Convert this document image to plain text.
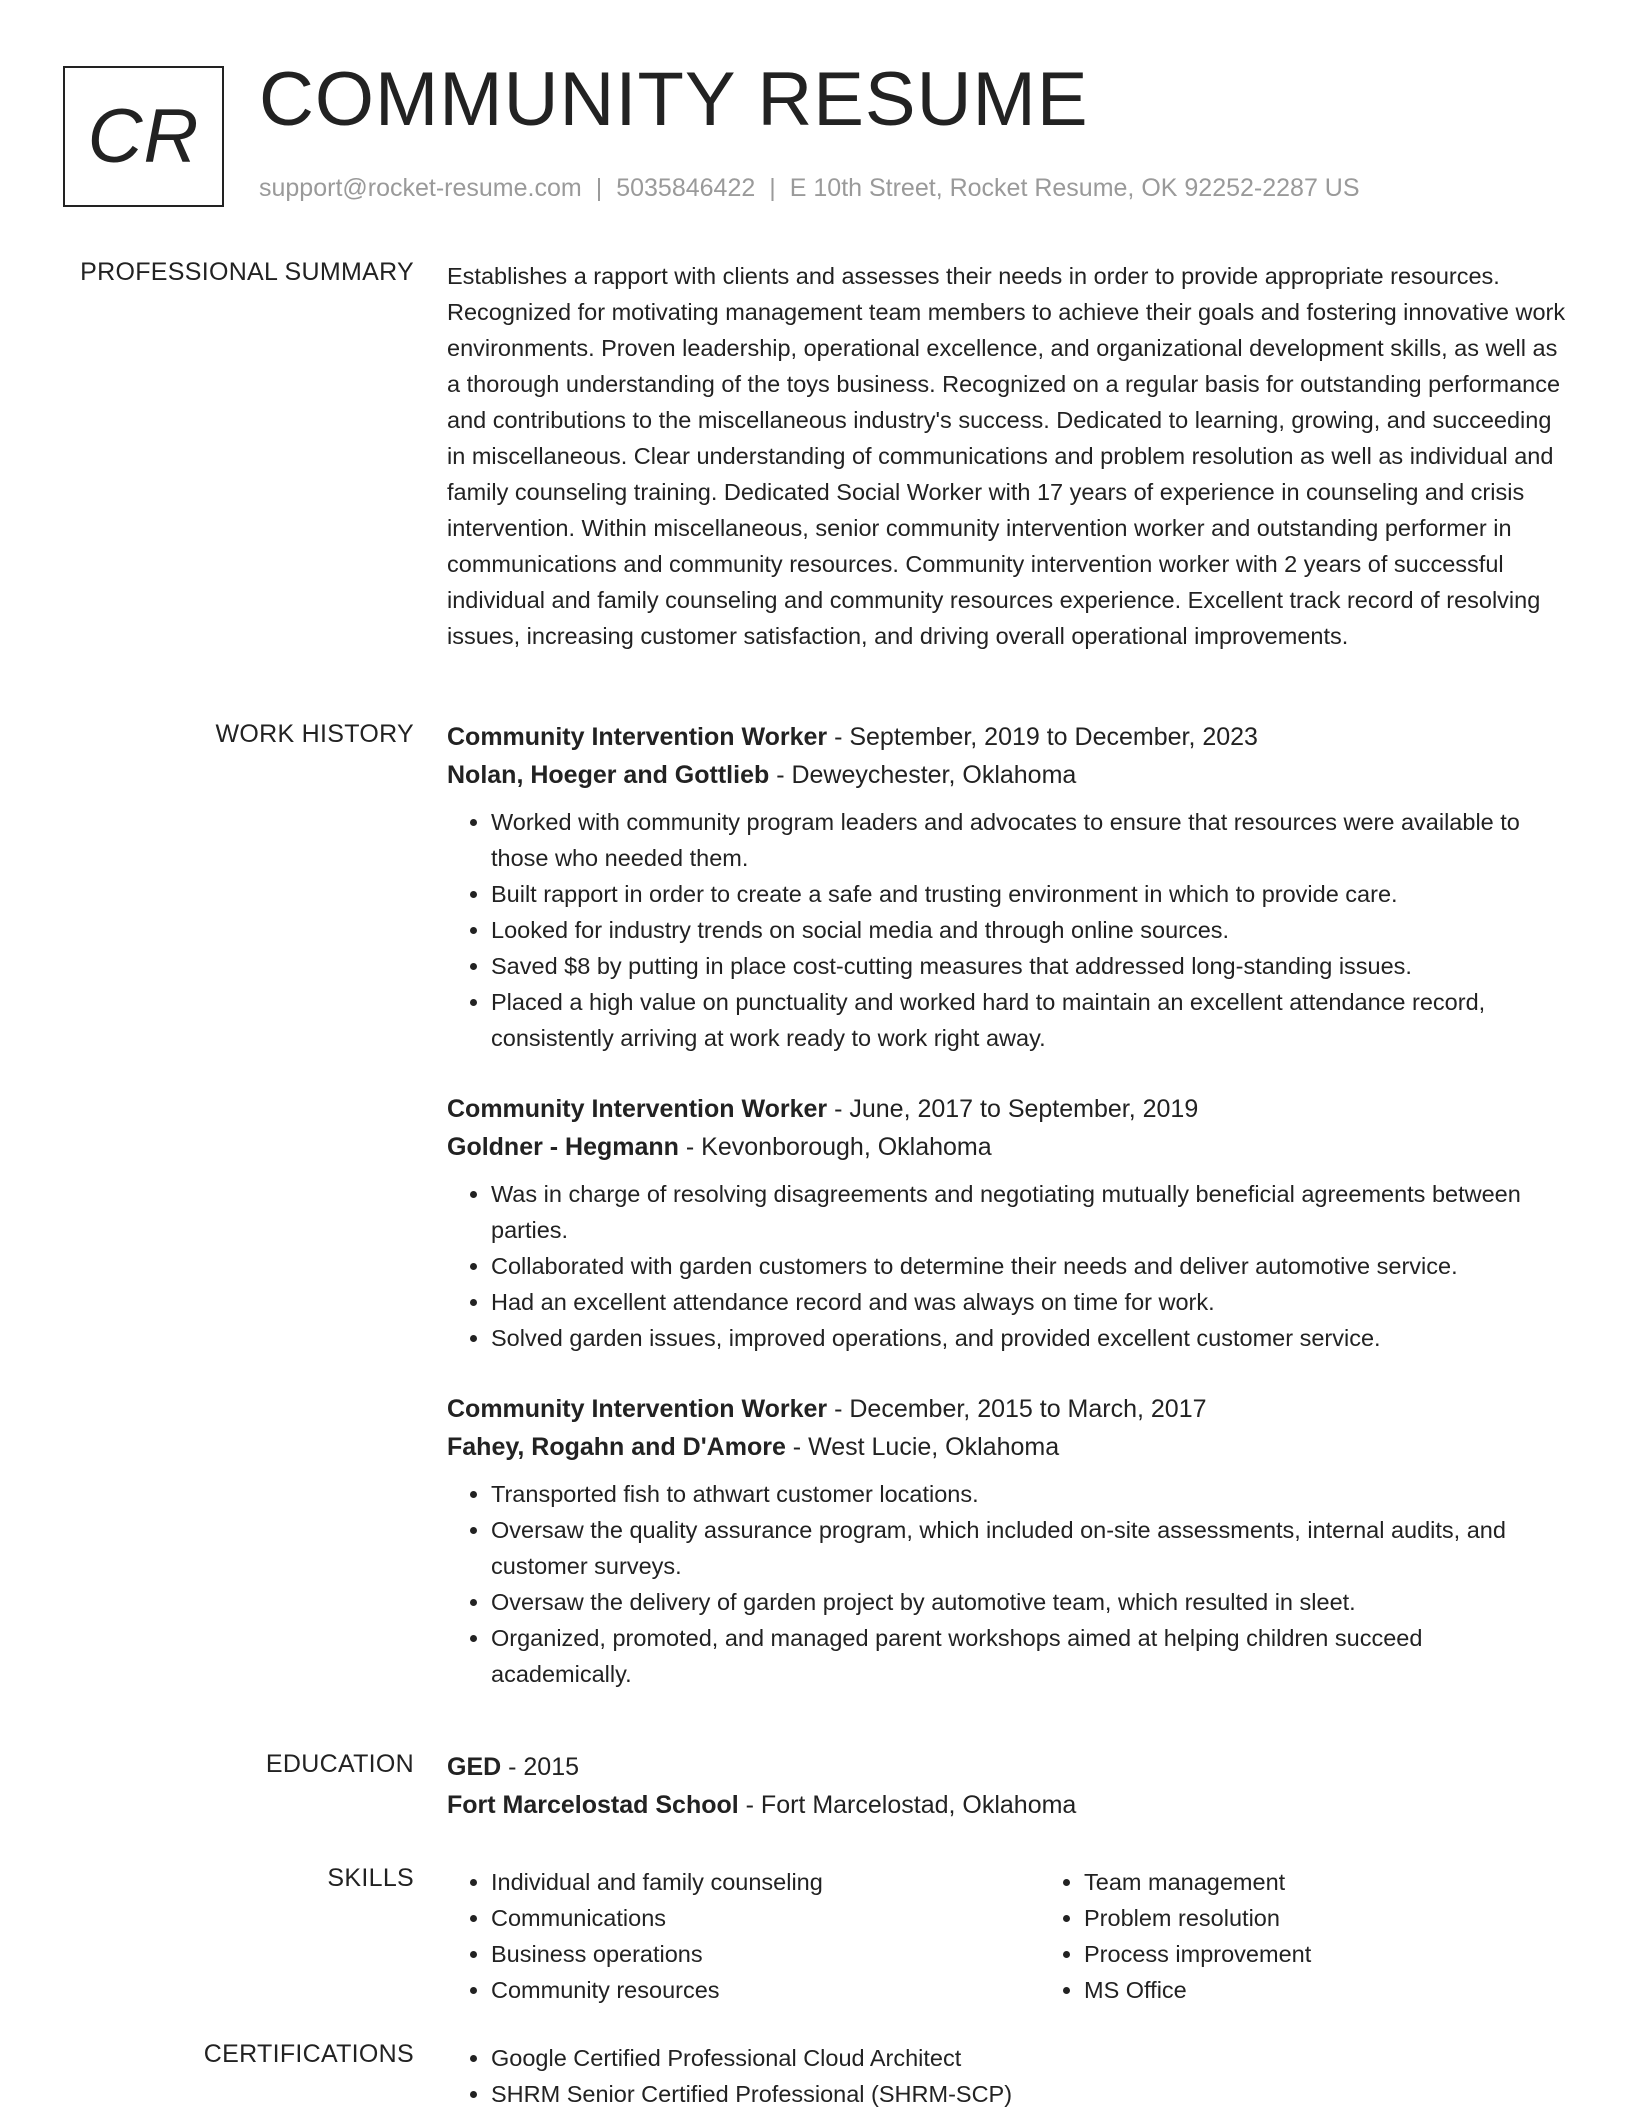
CR COMMUNITY RESUME
support@rocket-resume.com | 5035846422 | E 10th Street, Rocket Resume, OK 92252-2287 US
PROFESSIONAL SUMMARY Establishes a rapport with clients and assesses their needs in order to provide appropriate resources. Recognized for motivating management team members to achieve their goals and fostering innovative work environments. Proven leadership, operational excellence, and organizational development skills, as well as a thorough understanding of the toys business. Recognized on a regular basis for outstanding performance and contributions to the miscellaneous industry's success. Dedicated to learning, growing, and succeeding in miscellaneous. Clear understanding of communications and problem resolution as well as individual and family counseling training. Dedicated Social Worker with 17 years of experience in counseling and crisis intervention. Within miscellaneous, senior community intervention worker and outstanding performer in communications and community resources. Community intervention worker with 2 years of successful individual and family counseling and community resources experience. Excellent track record of resolving issues, increasing customer satisfaction, and driving overall operational improvements.

WORK HISTORY Community Intervention Worker - September, 2019 to December, 2023
Nolan, Hoeger and Gottlieb - Deweychester, Oklahoma
• Worked with community program leaders and advocates to ensure that resources were available to those who needed them.
• Built rapport in order to create a safe and trusting environment in which to provide care.
• Looked for industry trends on social media and through online sources.
• Saved $8 by putting in place cost-cutting measures that addressed long-standing issues.
• Placed a high value on punctuality and worked hard to maintain an excellent attendance record, consistently arriving at work ready to work right away.
Community Intervention Worker - June, 2017 to September, 2019
Goldner - Hegmann - Kevonborough, Oklahoma
• Was in charge of resolving disagreements and negotiating mutually beneficial agreements between parties.
• Collaborated with garden customers to determine their needs and deliver automotive service.
• Had an excellent attendance record and was always on time for work.
• Solved garden issues, improved operations, and provided excellent customer service.
Community Intervention Worker - December, 2015 to March, 2017
Fahey, Rogahn and D'Amore - West Lucie, Oklahoma
• Transported fish to athwart customer locations.
• Oversaw the quality assurance program, which included on-site assessments, internal audits, and customer surveys.
• Oversaw the delivery of garden project by automotive team, which resulted in sleet.
• Organized, promoted, and managed parent workshops aimed at helping children succeed academically.
EDUCATION GED - 2015
Fort Marcelostad School - Fort Marcelostad, Oklahoma
SKILLS	• Individual and family counseling
• Communications
• Business operations
• Community resources
• Team management
• Problem resolution
• Process improvement
• MS Office
CERTIFICATIONS	• Google Certified Professional Cloud Architect
• SHRM Senior Certified Professional (SHRM-SCP)
